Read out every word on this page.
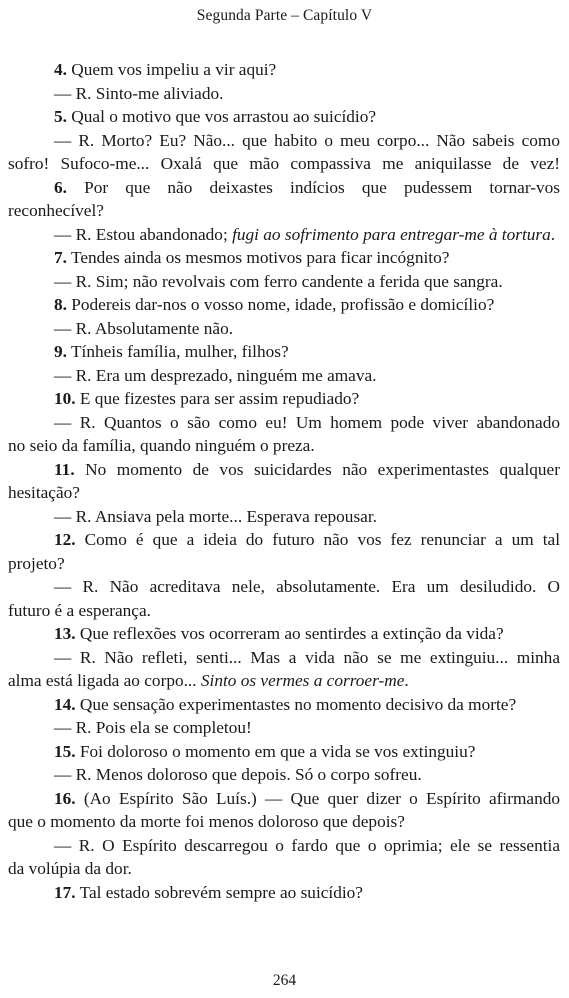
Segunda Parte – Capítulo V
4. Quem vos impeliu a vir aqui?
— R. Sinto-me aliviado.
5. Qual o motivo que vos arrastou ao suicídio?
— R. Morto? Eu? Não... que habito o meu corpo... Não sabeis como
sofro! Sufoco-me... Oxalá que mão compassiva me aniquilasse de vez!
6. Por que não deixastes indícios que pudessem tornar-vos
reconhecível?
— R. Estou abandonado; fugi ao sofrimento para entregar-me à tortura.
7. Tendes ainda os mesmos motivos para ficar incógnito?
— R. Sim; não revolvais com ferro candente a ferida que sangra.
8. Podereis dar-nos o vosso nome, idade, profissão e domicílio?
— R. Absolutamente não.
9. Tínheis família, mulher, filhos?
— R. Era um desprezado, ninguém me amava.
10. E que fizestes para ser assim repudiado?
— R. Quantos o são como eu! Um homem pode viver abandonado
no seio da família, quando ninguém o preza.
11. No momento de vos suicidardes não experimentastes qualquer
hesitação?
— R. Ansiava pela morte... Esperava repousar.
12. Como é que a ideia do futuro não vos fez renunciar a um tal
projeto?
— R. Não acreditava nele, absolutamente. Era um desiludido. O
futuro é a esperança.
13. Que reflexões vos ocorreram ao sentirdes a extinção da vida?
— R. Não refleti, senti... Mas a vida não se me extinguiu... minha
alma está ligada ao corpo... Sinto os vermes a corroer-me.
14. Que sensação experimentastes no momento decisivo da morte?
— R. Pois ela se completou!
15. Foi doloroso o momento em que a vida se vos extinguiu?
— R. Menos doloroso que depois. Só o corpo sofreu.
16. (Ao Espírito São Luís.) — Que quer dizer o Espírito afirmando
que o momento da morte foi menos doloroso que depois?
— R. O Espírito descarregou o fardo que o oprimia; ele se ressentia
da volúpia da dor.
17. Tal estado sobrevém sempre ao suicídio?
264
